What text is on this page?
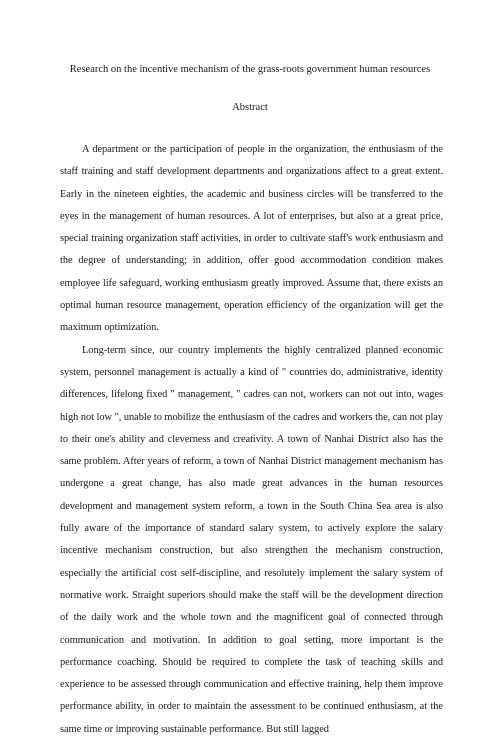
Research on the incentive mechanism of the grass-roots government human resources
Abstract

A department or the participation of people in the organization, the enthusiasm of the staff training and staff development departments and organizations affect to a great extent. Early in the nineteen eighties, the academic and business circles will be transferred to the eyes in the management of human resources. A lot of enterprises, but also at a great price, special training organization staff activities, in order to cultivate staff's work enthusiasm and the degree of understanding; in addition, offer good accommodation condition makes employee life safeguard, working enthusiasm greatly improved. Assume that, there exists an optimal human resource management, operation efficiency of the organization will get the maximum optimization.

Long-term since, our country implements the highly centralized planned economic system, personnel management is actually a kind of " countries do, administrative, identity differences, lifelong fixed " management, " cadres can not, workers can not out into, wages high not low ", unable to mobilize the enthusiasm of the cadres and workers the, can not play to their one's ability and cleverness and creativity. A town of Nanhai District also has the same problem. After years of reform, a town of Nanhai District management mechanism has undergone a great change, has also made great advances in the human resources development and management system reform, a town in the South China Sea area is also fully aware of the importance of standard salary system, to actively explore the salary incentive mechanism construction, but also strengthen the mechanism construction, especially the artificial cost self-discipline, and resolutely implement the salary system of normative work. Straight superiors should make the staff will be the development direction of the daily work and the whole town and the magnificent goal of connected through communication and motivation. In addition to goal setting, more important is the performance coaching. Should be required to complete the task of teaching skills and experience to be assessed through communication and effective training, help them improve performance ability, in order to maintain the assessment to be continued enthusiasm, at the same time or improving sustainable performance. But still lagged
